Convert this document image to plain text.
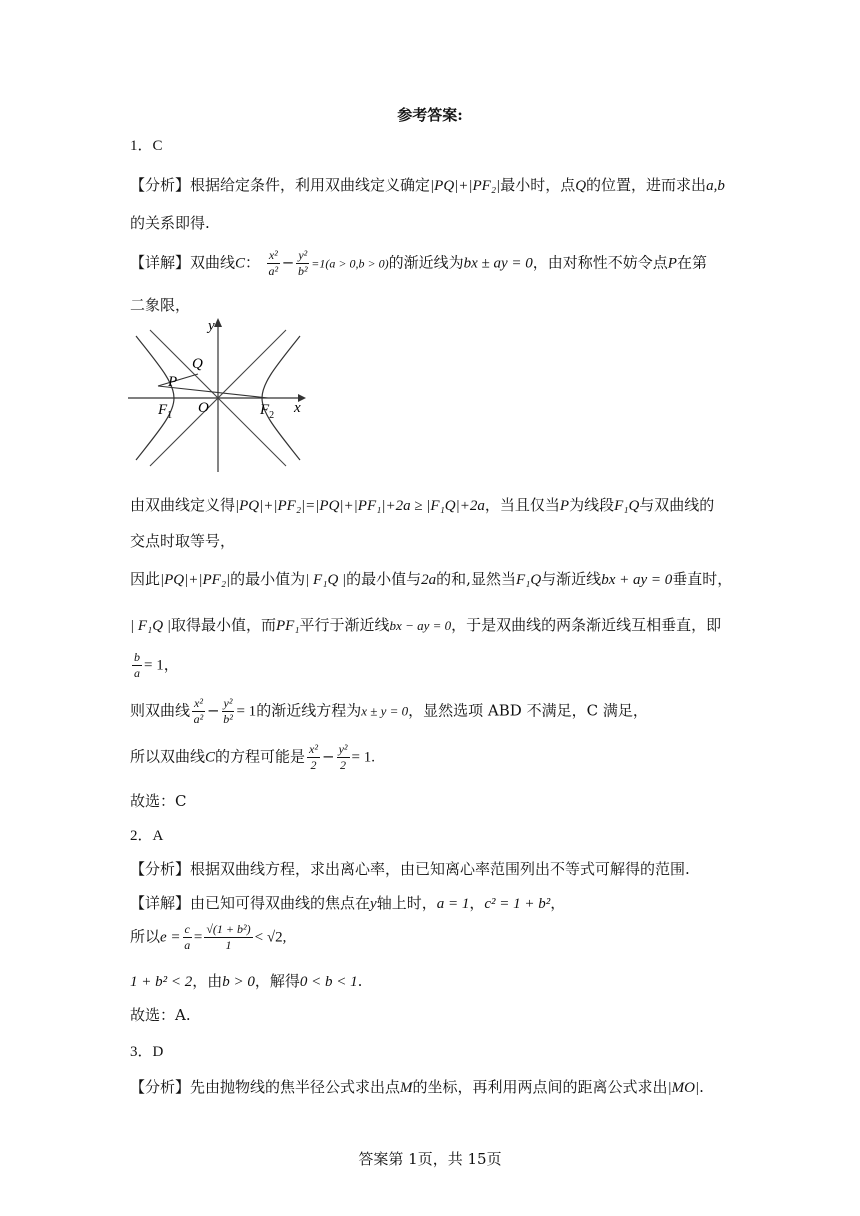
参考答案:
1．C
【分析】根据给定条件，利用双曲线定义确定|PQ|+|PF₂|最小时，点Q的位置，进而求出a,b
的关系即得.
【详解】双曲线C： $\frac{\text{x²}}{\text{a²}} - \frac{\text{y²}}{\text{b²}} =1(a > 0,b > 0)$的渐近线为bx ± ay = 0，由对称性不妨令点P在第
二象限，
y
x
Q
P
O
$F_1$	$F_2$
由双曲线定义得|PQ|+|PF₂|=|PQ|+|PF₁|+2a ≥ |F₁Q|+2a，当且仅当P为线段F₁Q与双曲线的
交点时取等号，
因此|PQ|+|PF₂|的最小值为| F₁Q |的最小值与2a的和,显然当F₁Q与渐近线bx + ay = 0垂直时，
| F₁Q |取得最小值，而PF₁平行于渐近线bx − ay = 0，于是双曲线的两条渐近线互相垂直，即
$\frac{b}{a} = 1$，
则双曲线 $\frac{\text{x²}}{\text{a²}} - \frac{\text{y²}}{\text{b²}} = 1$的渐近线方程为x ± y = 0，显然选项 ABD 不满足，C 满足，
所以双曲线C的方程可能是 $\frac{\text{x²}}{2} - \frac{\text{y²}}{2} = 1$.
故选：C
2．A
【分析】根据双曲线方程，求出离心率，由已知离心率范围列出不等式可解得的范围.
【详解】由已知可得双曲线的焦点在y轴上时，a = 1，c² = 1 + b²，
所以$e = \frac{c}{a} = \frac{\text{√(1 + b²)}}{1} < √2$,
1 + b² < 2，由b > 0，解得0 < b < 1.
故选：A.
3．D
【分析】先由抛物线的焦半径公式求出点M的坐标，再利用两点间的距离公式求出|MO|.
答案第 1页，共 15页
